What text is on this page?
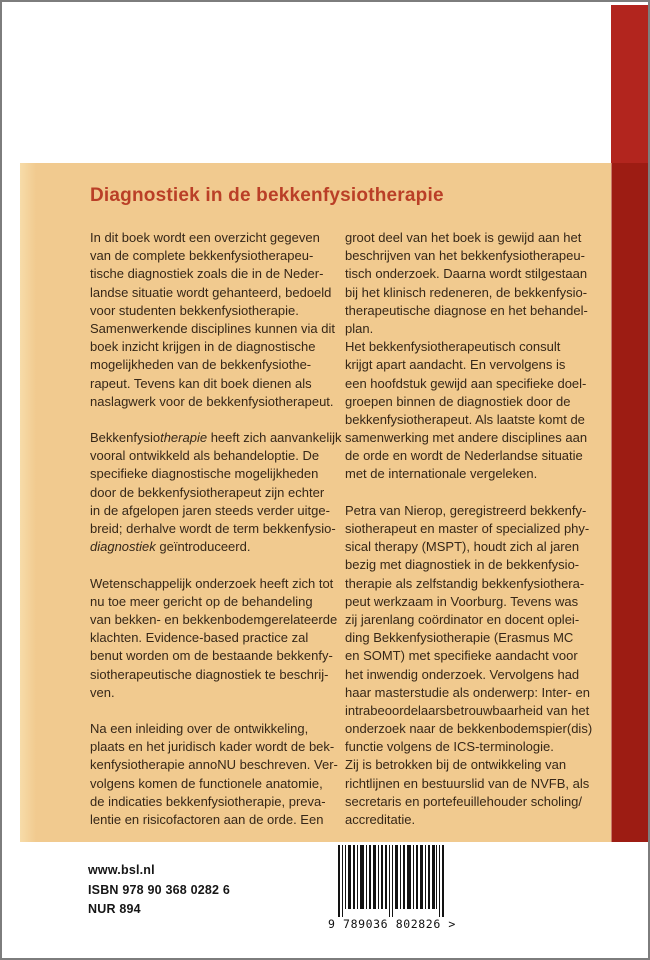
Diagnostiek in de bekkenfysiotherapie
In dit boek wordt een overzicht gegeven
van de complete bekkenfysiotherapeu-
tische diagnostiek zoals die in de Neder-
landse situatie wordt gehanteerd, bedoeld
voor studenten bekkenfysiotherapie.
Samenwerkende disciplines kunnen via dit
boek inzicht krijgen in de diagnostische
mogelijkheden van de bekkenfysiothe-
rapeut. Tevens kan dit boek dienen als
naslagwerk voor de bekkenfysiotherapeut.
Bekkenfysiotherapie heeft zich aanvankelijk
vooral ontwikkeld als behandeloptie. De
specifieke diagnostische mogelijkheden
door de bekkenfysiotherapeut zijn echter
in de afgelopen jaren steeds verder uitge-
breid; derhalve wordt de term bekkenfysio-
diagnostiek geïntroduceerd.
Wetenschappelijk onderzoek heeft zich tot
nu toe meer gericht op de behandeling
van bekken- en bekkenbodemgerelateerde
klachten. Evidence-based practice zal
benut worden om de bestaande bekkenfy-
siotherapeutische diagnostiek te beschrij-
ven.
Na een inleiding over de ontwikkeling,
plaats en het juridisch kader wordt de bek-
kenfysiotherapie annoNU beschreven. Ver-
volgens komen de functionele anatomie,
de indicaties bekkenfysiotherapie, preva-
lentie en risicofactoren aan de orde. Een
groot deel van het boek is gewijd aan het
beschrijven van het bekkenfysiotherapeu-
tisch onderzoek. Daarna wordt stilgestaan
bij het klinisch redeneren, de bekkenfysio-
therapeutische diagnose en het behandel-
plan.
Het bekkenfysiotherapeutisch consult
krijgt apart aandacht. En vervolgens is
een hoofdstuk gewijd aan specifieke doel-
groepen binnen de diagnostiek door de
bekkenfysiotherapeut. Als laatste komt de
samenwerking met andere disciplines aan
de orde en wordt de Nederlandse situatie
met de internationale vergeleken.
Petra van Nierop, geregistreerd bekkenfy-
siotherapeut en master of specialized phy-
sical therapy (MSPT), houdt zich al jaren
bezig met diagnostiek in de bekkenfysio-
therapie als zelfstandig bekkenfysiothera-
peut werkzaam in Voorburg. Tevens was
zij jarenlang coördinator en docent oplei-
ding Bekkenfysiotherapie (Erasmus MC
en SOMT) met specifieke aandacht voor
het inwendig onderzoek. Vervolgens had
haar masterstudie als onderwerp: Inter- en
intrabeoordelaarsbetrouwbaarheid van het
onderzoek naar de bekkenbodemspier(dis)
functie volgens de ICS-terminologie.
Zij is betrokken bij de ontwikkeling van
richtlijnen en bestuurslid van de NVFB, als
secretaris en portefeuillehouder scholing/
accreditatie.
www.bsl.nl
ISBN 978 90 368 0282 6
NUR 894
9 789036 802826 >
